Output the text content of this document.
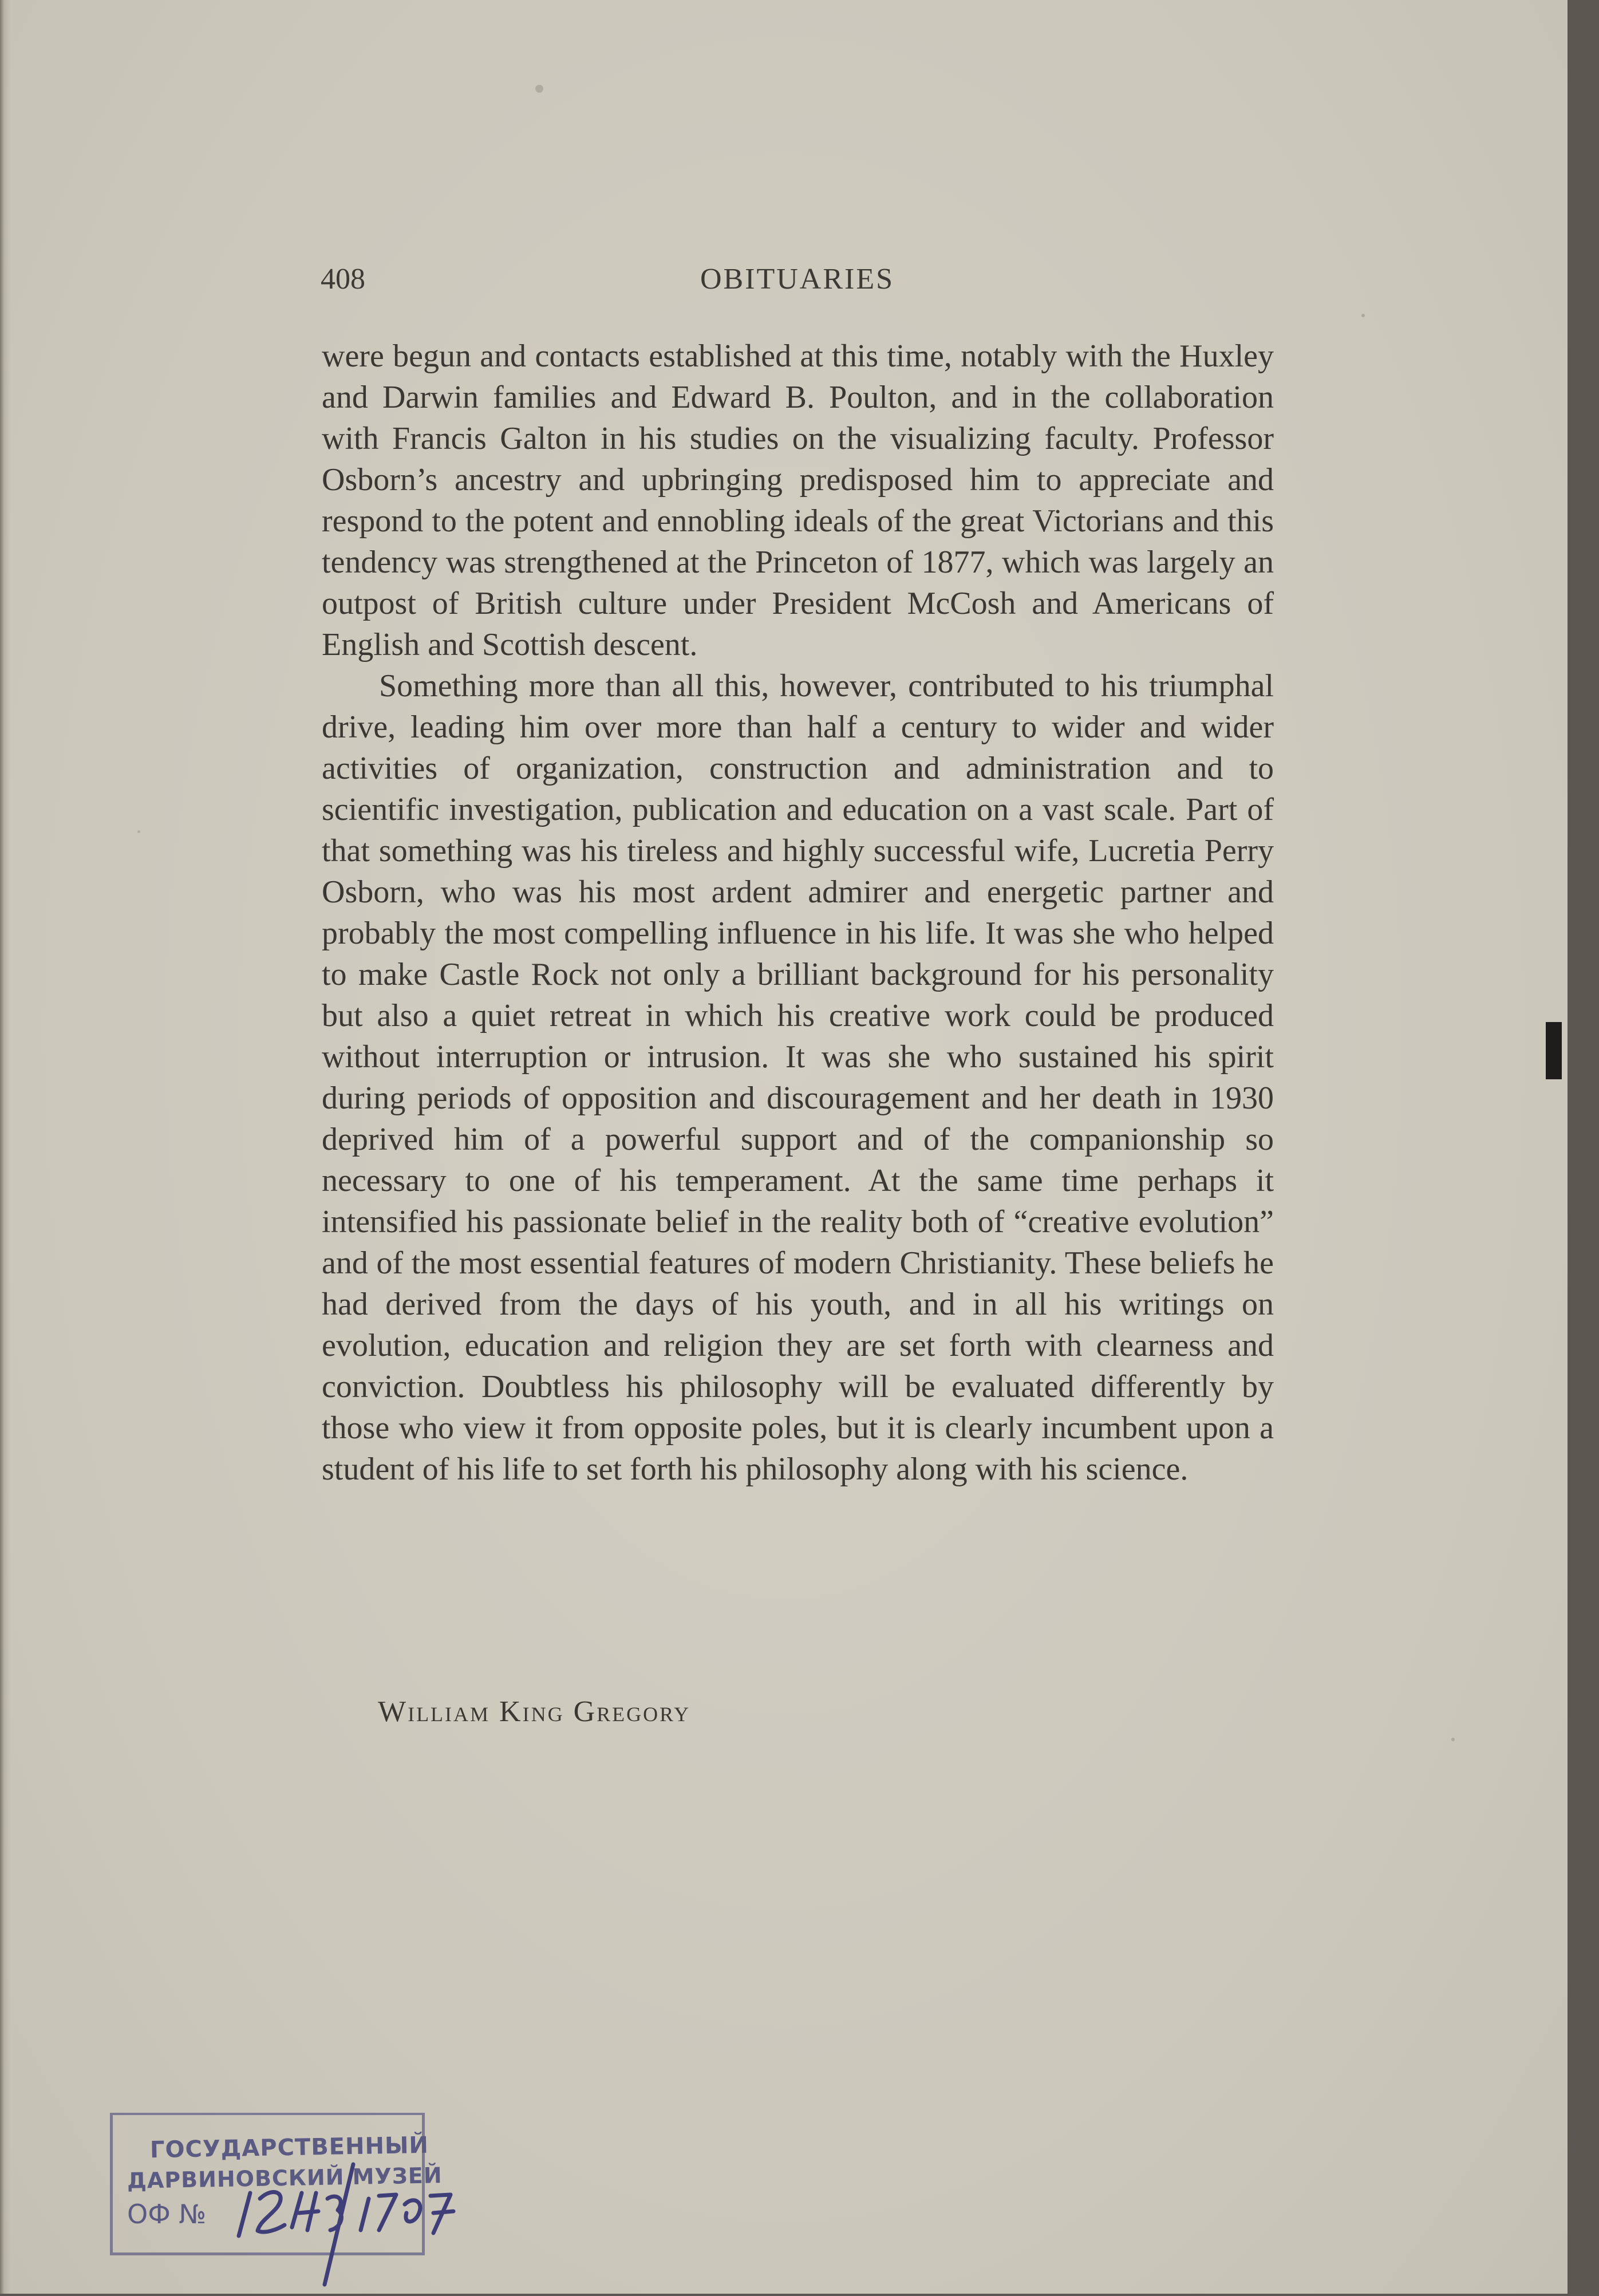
408	OBITUARIES

were begun and contacts established at this time, notably with the Huxley and Darwin families and Edward B. Poulton, and in the collaboration with Francis Galton in his studies on the visualizing faculty. Professor Osborn’s ancestry and upbringing predisposed him to appreciate and respond to the potent and ennobling ideals of the great Victorians and this tendency was strengthened at the Princeton of 1877, which was largely an outpost of British culture under President McCosh and Americans of English and Scottish descent.

Something more than all this, however, contributed to his triumphal drive, leading him over more than half a century to wider and wider activities of organization, construction and administration and to scientific investigation, publication and education on a vast scale. Part of that something was his tireless and highly successful wife, Lucretia Perry Osborn, who was his most ardent admirer and energetic partner and probably the most compelling influence in his life. It was she who helped to make Castle Rock not only a brilliant background for his personality but also a quiet retreat in which his creative work could be produced without interruption or intrusion. It was she who sustained his spirit during periods of opposition and discouragement and her death in 1930 deprived him of a powerful support and of the companionship so necessary to one of his temperament. At the same time perhaps it intensified his passionate belief in the reality both of “creative evolution” and of the most essential features of modern Christianity. These beliefs he had derived from the days of his youth, and in all his writings on evolution, education and religion they are set forth with clearness and conviction. Doubtless his philosophy will be evaluated differently by those who view it from opposite poles, but it is clearly incumbent upon a student of his life to set forth his philosophy along with his science.

William King Gregory
ГОСУДАРСТВЕННЫЙ
ДАРВИНОВСКИЙ МУЗЕЙ
ОФ №
